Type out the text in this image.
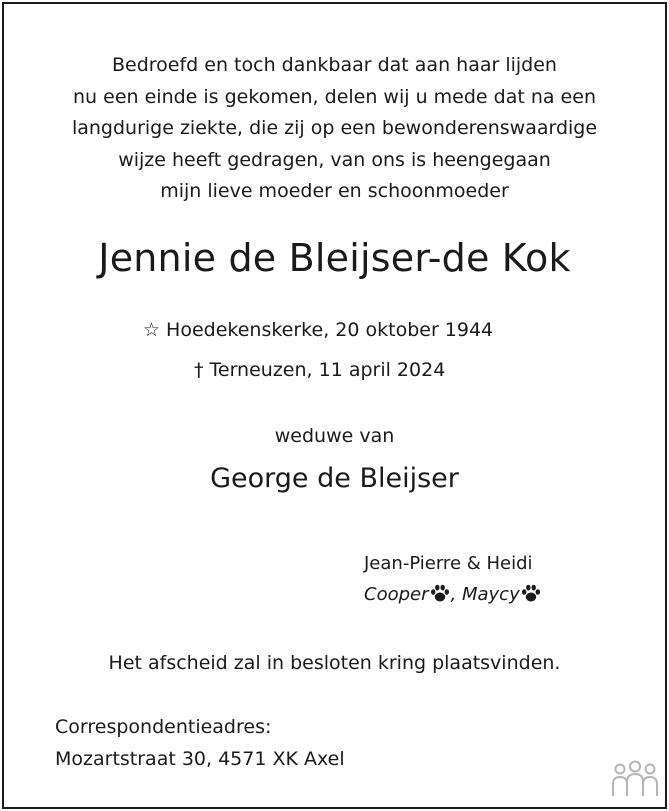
Bedroefd en toch dankbaar dat aan haar lijden
nu een einde is gekomen, delen wij u mede dat na een
langdurige ziekte, die zij op een bewonderenswaardige
wijze heeft gedragen, van ons is heengegaan
mijn lieve moeder en schoonmoeder
Jennie de Bleijser-de Kok
☆ Hoedekenskerke, 20 oktober 1944
† Terneuzen, 11 april 2024
weduwe van
George de Bleijser
Jean-Pierre & Heidi
Cooper , Maycy
Het afscheid zal in besloten kring plaatsvinden.
Correspondentieadres:
Mozartstraat 30, 4571 XK Axel
